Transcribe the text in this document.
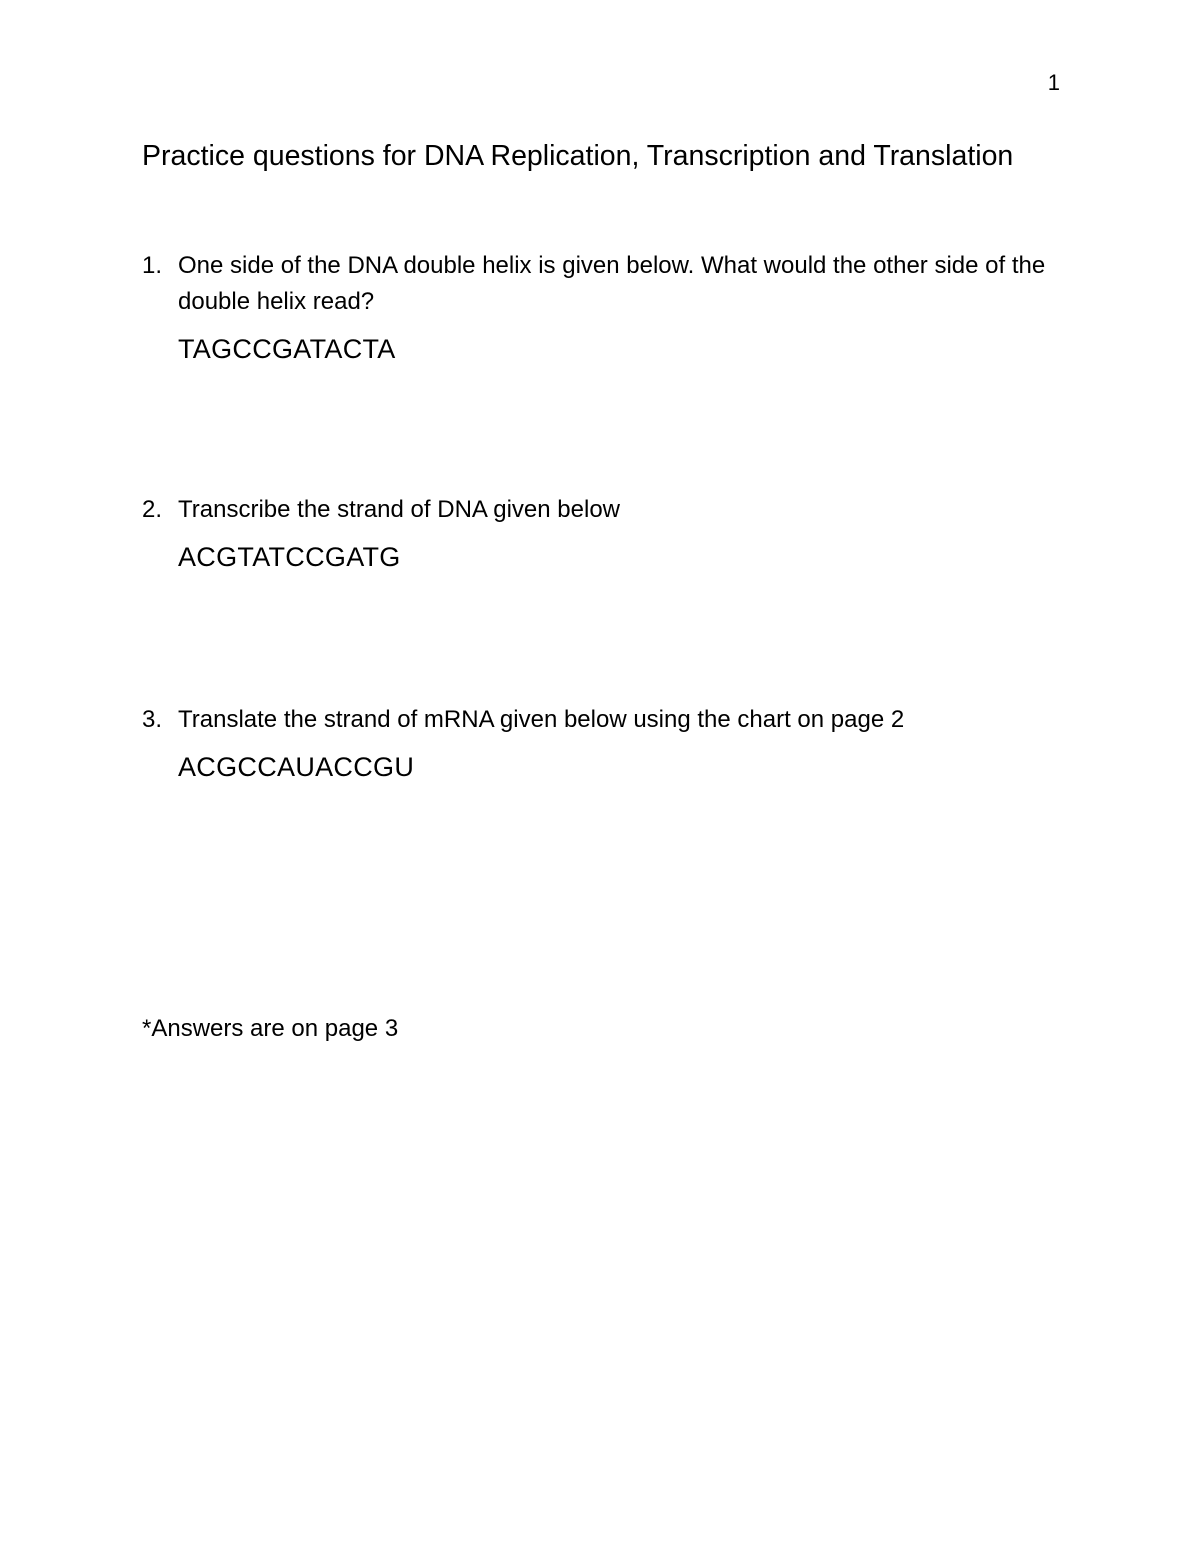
1
Practice questions for DNA Replication, Transcription and Translation
1. One side of the DNA double helix is given below. What would the other side of the double helix read?
TAGCCGATACTA
2. Transcribe the strand of DNA given below
ACGTATCCGATG
3. Translate the strand of mRNA given below using the chart on page 2
ACGCCAUACCGU
*Answers are on page 3
